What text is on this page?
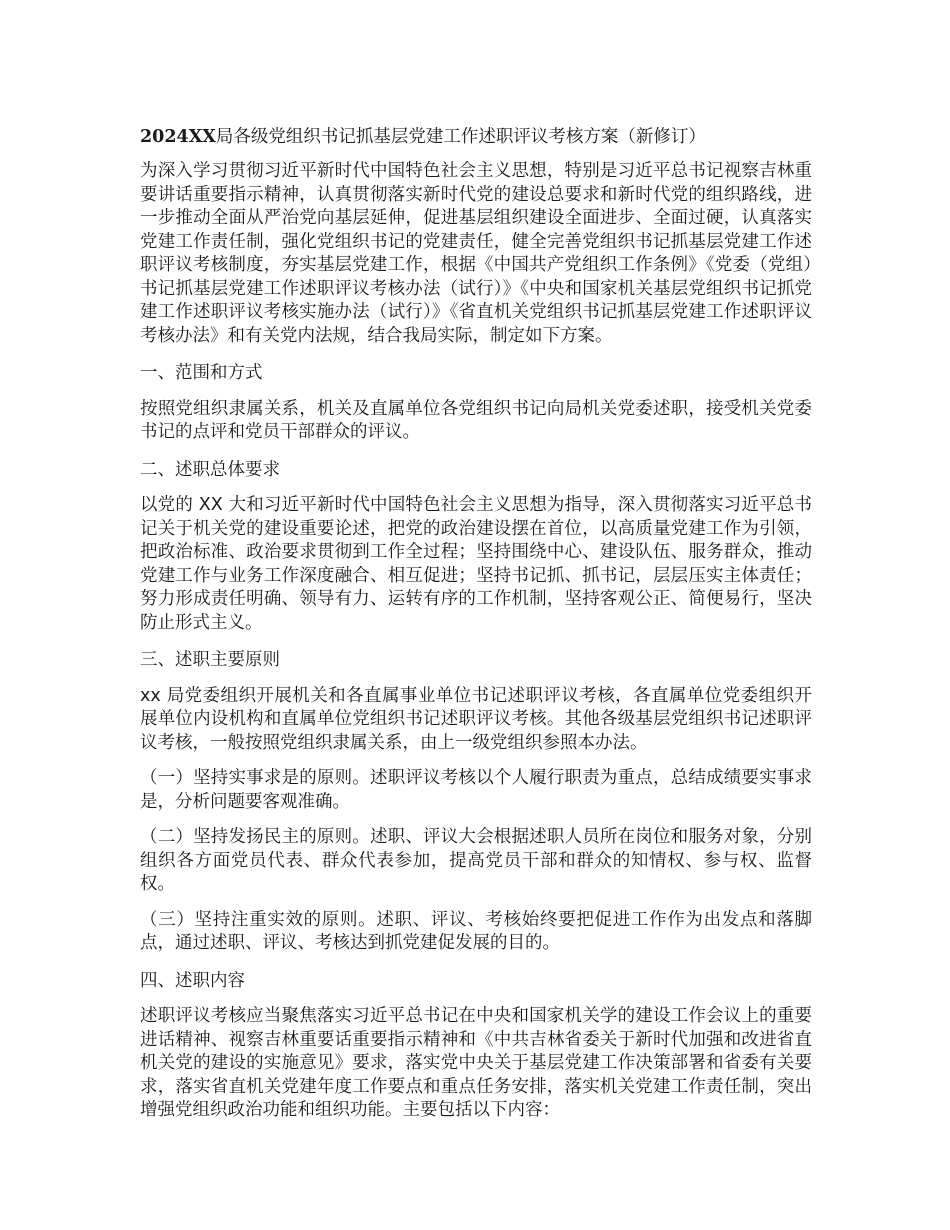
2024XX局各级党组织书记抓基层党建工作述职评议考核方案（新修订）

为深入学习贯彻习近平新时代中国特色社会主义思想，特别是习近平总书记视察吉林重要讲话重要指示精神，认真贯彻落实新时代党的建设总要求和新时代党的组织路线，进一步推动全面从严治党向基层延伸，促进基层组织建设全面进步、全面过硬，认真落实党建工作责任制，强化党组织书记的党建责任，健全完善党组织书记抓基层党建工作述职评议考核制度，夯实基层党建工作，根据《中国共产党组织工作条例》《党委（党组）书记抓基层党建工作述职评议考核办法（试行）》《中央和国家机关基层党组织书记抓党建工作述职评议考核实施办法（试行）》《省直机关党组织书记抓基层党建工作述职评议考核办法》和有关党内法规，结合我局实际，制定如下方案。

一、范围和方式

按照党组织隶属关系，机关及直属单位各党组织书记向局机关党委述职，接受机关党委书记的点评和党员干部群众的评议。

二、述职总体要求

以党的 XX 大和习近平新时代中国特色社会主义思想为指导，深入贯彻落实习近平总书记关于机关党的建设重要论述，把党的政治建设摆在首位，以高质量党建工作为引领，把政治标准、政治要求贯彻到工作全过程；坚持围绕中心、建设队伍、服务群众，推动党建工作与业务工作深度融合、相互促进；坚持书记抓、抓书记，层层压实主体责任；努力形成责任明确、领导有力、运转有序的工作机制，坚持客观公正、简便易行，坚决防止形式主义。

三、述职主要原则

xx 局党委组织开展机关和各直属事业单位书记述职评议考核，各直属单位党委组织开展单位内设机构和直属单位党组织书记述职评议考核。其他各级基层党组织书记述职评议考核，一般按照党组织隶属关系，由上一级党组织参照本办法。

（一）坚持实事求是的原则。述职评议考核以个人履行职责为重点，总结成绩要实事求是，分析问题要客观准确。

（二）坚持发扬民主的原则。述职、评议大会根据述职人员所在岗位和服务对象，分别组织各方面党员代表、群众代表参加，提高党员干部和群众的知情权、参与权、监督权。

（三）坚持注重实效的原则。述职、评议、考核始终要把促进工作作为出发点和落脚点，通过述职、评议、考核达到抓党建促发展的目的。

四、述职内容

述职评议考核应当聚焦落实习近平总书记在中央和国家机关学的建设工作会议上的重要进话精神、视察吉林重要话重要指示精神和《中共吉林省委关于新时代加强和改进省直机关党的建设的实施意见》要求，落实党中央关于基层党建工作决策部署和省委有关要求，落实省直机关党建年度工作要点和重点任务安排，落实机关党建工作责任制，突出增强党组织政治功能和组织功能。主要包括以下内容：
